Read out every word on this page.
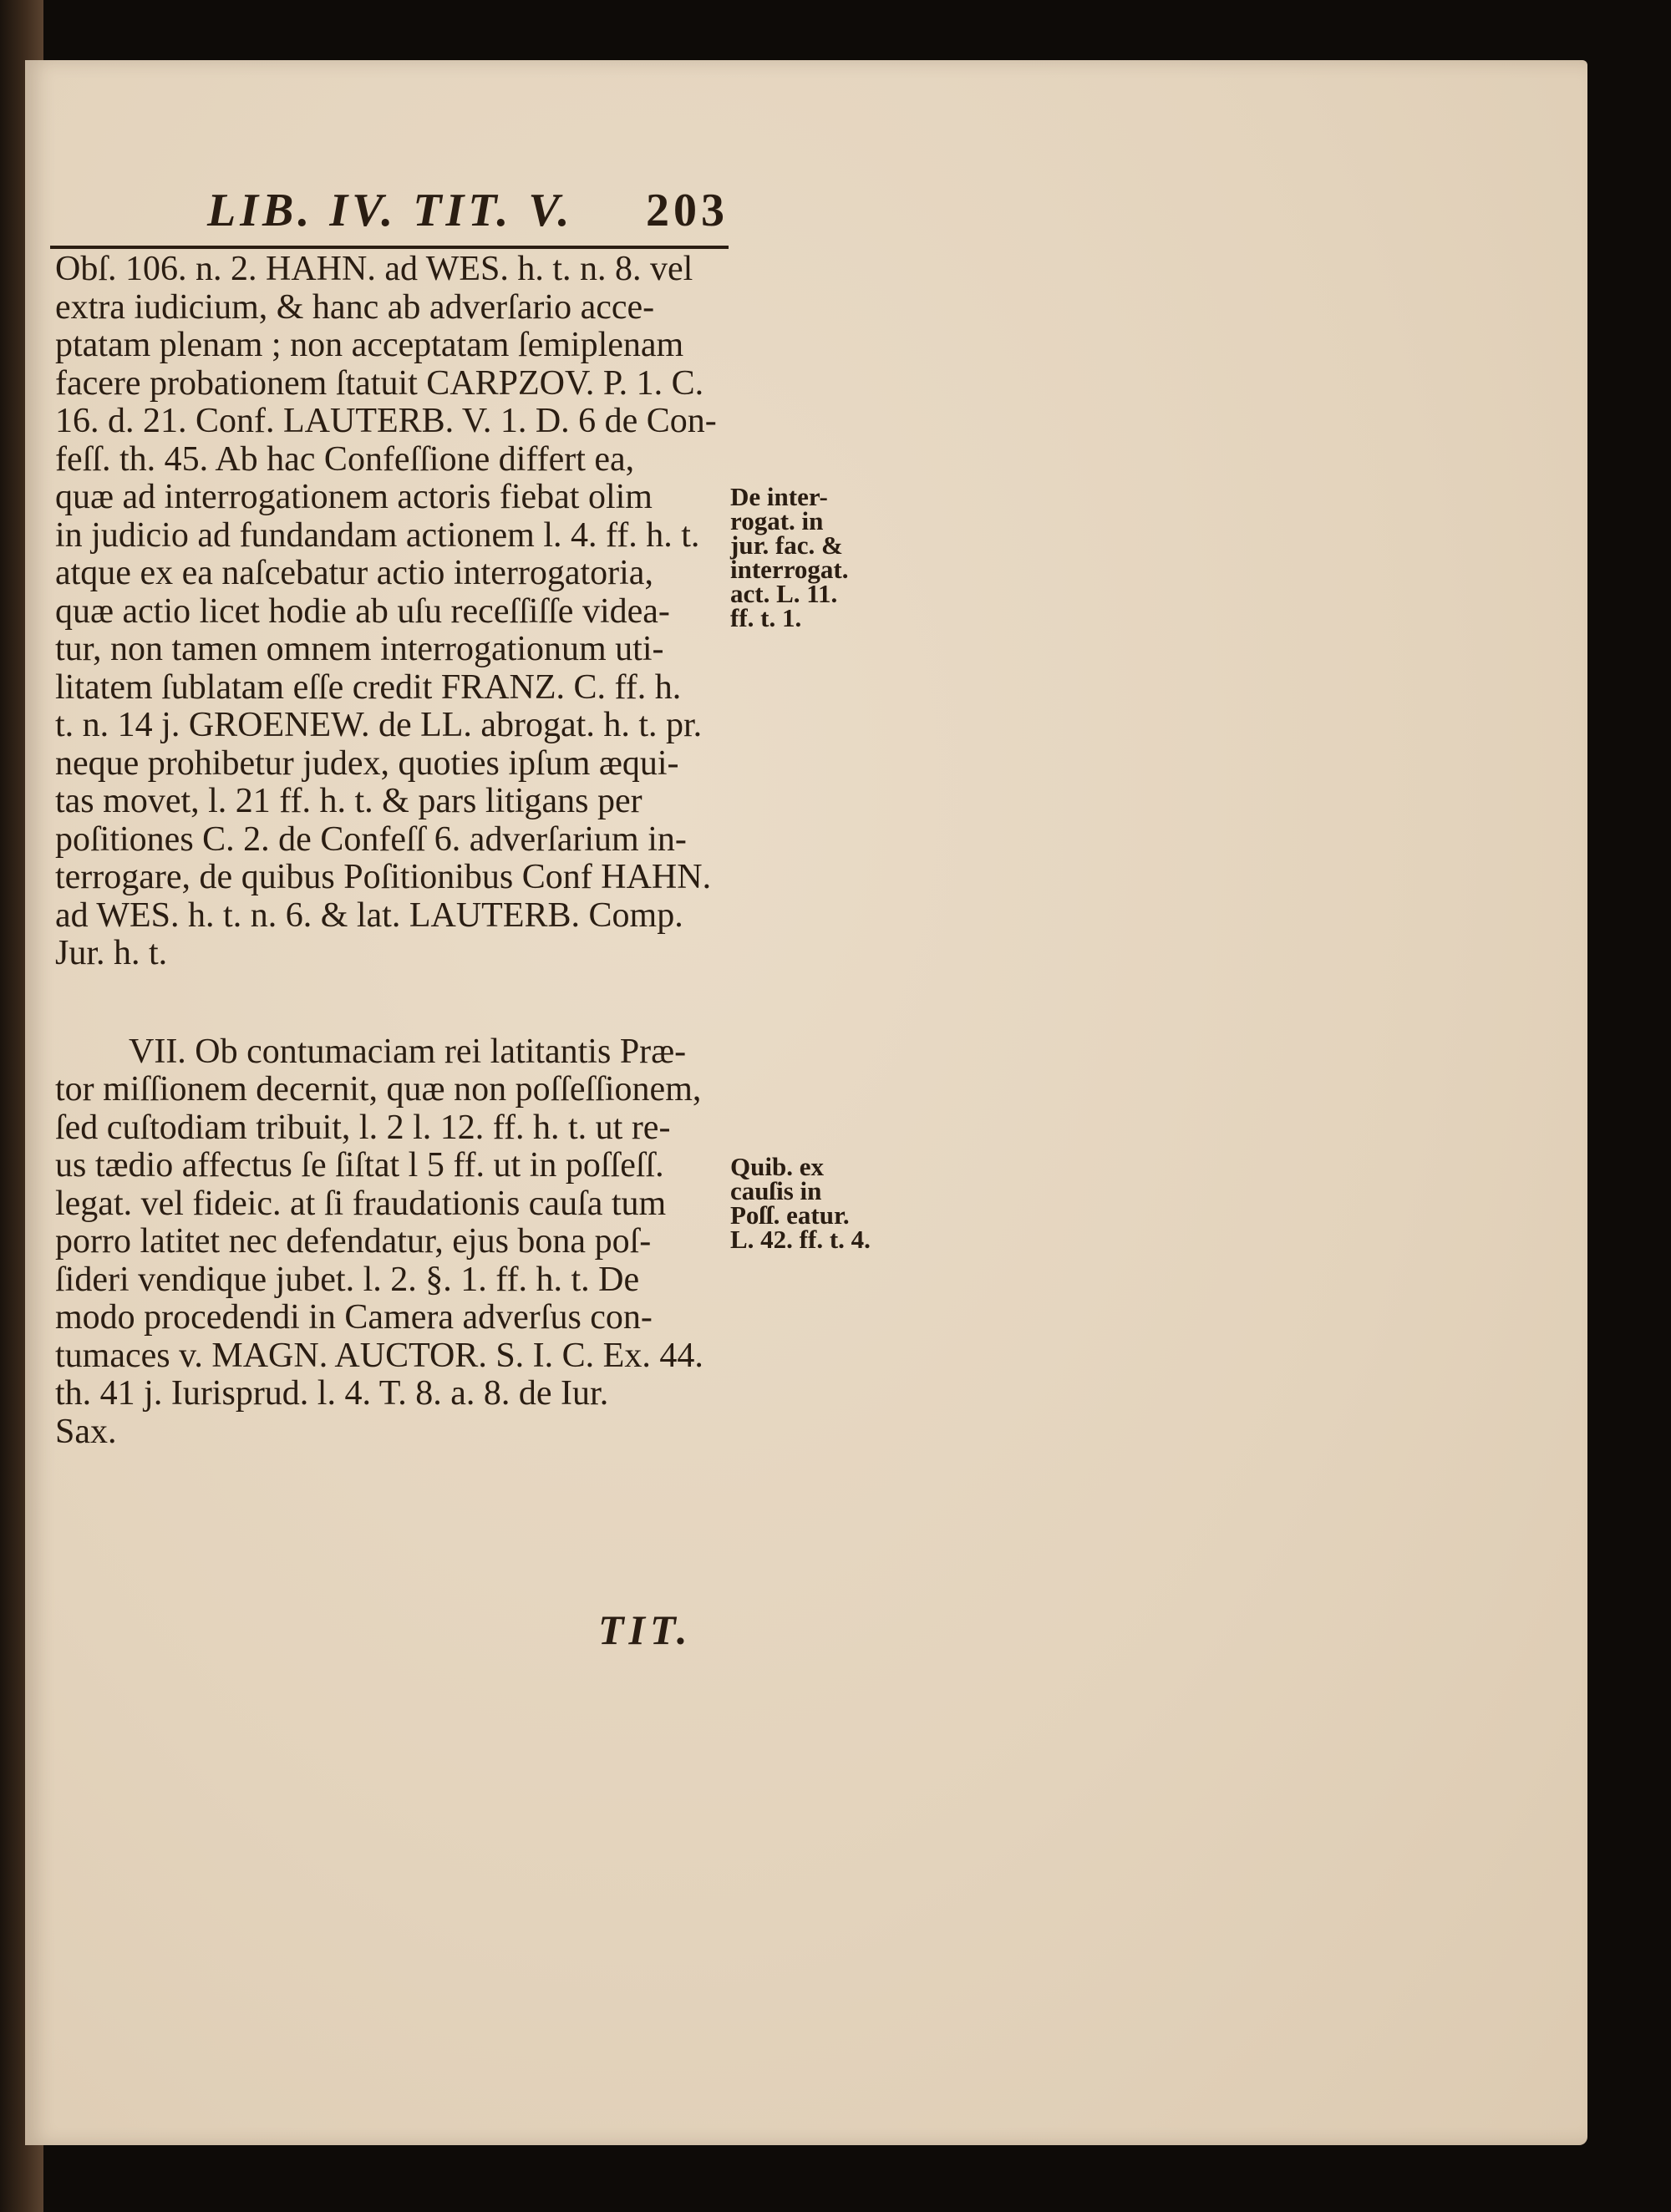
LIB. IV. TIT. V. 203
Obſ. 106. n. 2. HAHN. ad WES. h. t. n. 8. vel
extra iudicium, & hanc ab adverſario acce-
ptatam plenam ; non acceptatam ſemiplenam
facere probationem ſtatuit CARPZOV. P. 1. C.
16. d. 21. Conf. LAUTERB. V. 1. D. 6 de Con-
feſſ. th. 45. Ab hac Confeſſione differt ea,
quæ ad interrogationem actoris fiebat olim
in judicio ad fundandam actionem l. 4. ff. h. t.
atque ex ea naſcebatur actio interrogatoria,
quæ actio licet hodie ab uſu receſſiſſe videa-
tur, non tamen omnem interrogationum uti-
litatem ſublatam eſſe credit FRANZ. C. ff. h.
t. n. 14 j. GROENEW. de LL. abrogat. h. t. pr.
neque prohibetur judex, quoties ipſum æqui-
tas movet, l. 21 ff. h. t. & pars litigans per
poſitiones C. 2. de Confeſſ 6. adverſarium in-
terrogare, de quibus Poſitionibus Conf HAHN.
ad WES. h. t. n. 6. & lat. LAUTERB. Comp.
Jur. h. t.
VII. Ob contumaciam rei latitantis Præ-
tor miſſionem decernit, quæ non poſſeſſionem,
ſed cuſtodiam tribuit, l. 2 l. 12. ff. h. t. ut re-
us tædio affectus ſe ſiſtat l 5 ff. ut in poſſeſſ.
legat. vel fideic. at ſi fraudationis cauſa tum
porro latitet nec defendatur, ejus bona poſ-
ſideri vendique jubet. l. 2. §. 1. ff. h. t. De
modo procedendi in Camera adverſus con-
tumaces v. MAGN. AUCTOR. S. I. C. Ex. 44.
th. 41 j. Iurisprud. l. 4. T. 8. a. 8. de Iur.
Sax.
De inter-
rogat. in
jur. fac. &
interrogat.
act. L. 11.
ff. t. 1.
Quib. ex
cauſis in
Poſſ. eatur.
L. 42. ff. t. 4.
TIT.
